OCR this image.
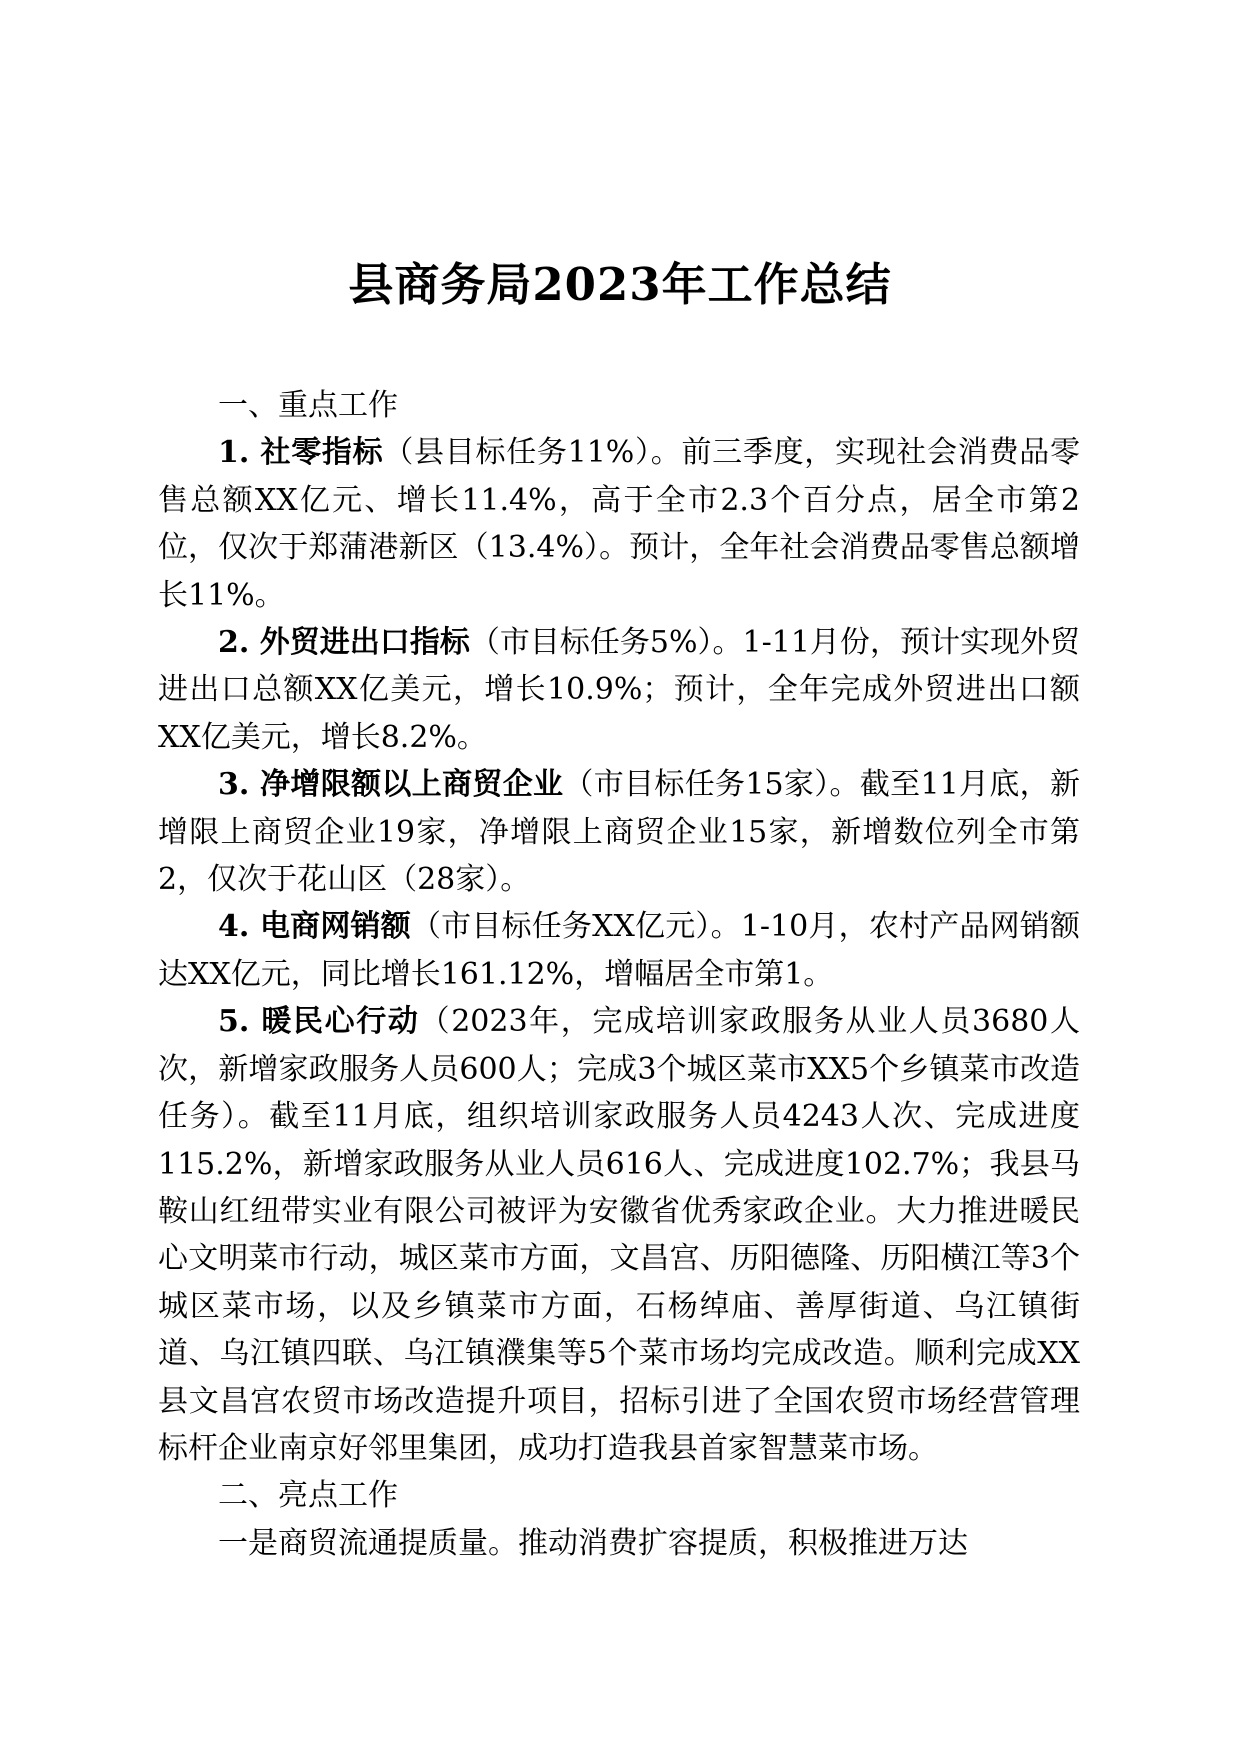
县商务局2023年工作总结

一、重点工作

1. 社零指标（县目标任务11%）。前三季度，实现社会消费品零售总额XX亿元、增长11.4%，高于全市2.3个百分点，居全市第2位，仅次于郑蒲港新区（13.4%）。预计，全年社会消费品零售总额增长11%。

2. 外贸进出口指标（市目标任务5%）。1-11月份，预计实现外贸进出口总额XX亿美元，增长10.9%；预计，全年完成外贸进出口额XX亿美元，增长8.2%。

3. 净增限额以上商贸企业（市目标任务15家）。截至11月底，新增限上商贸企业19家，净增限上商贸企业15家，新增数位列全市第2，仅次于花山区（28家）。

4. 电商网销额（市目标任务XX亿元）。1-10月，农村产品网销额达XX亿元，同比增长161.12%，增幅居全市第1。

5. 暖民心行动（2023年，完成培训家政服务从业人员3680人次，新增家政服务人员600人；完成3个城区菜市XX5个乡镇菜市改造任务）。截至11月底，组织培训家政服务人员4243人次、完成进度115.2%，新增家政服务从业人员616人、完成进度102.7%；我县马鞍山红纽带实业有限公司被评为安徽省优秀家政企业。大力推进暖民心文明菜市行动，城区菜市方面，文昌宫、历阳德隆、历阳横江等3个城区菜市场，以及乡镇菜市方面，石杨绰庙、善厚街道、乌江镇街道、乌江镇四联、乌江镇濮集等5个菜市场均完成改造。顺利完成XX县文昌宫农贸市场改造提升项目，招标引进了全国农贸市场经营管理标杆企业南京好邻里集团，成功打造我县首家智慧菜市场。

二、亮点工作

一是商贸流通提质量。推动消费扩容提质，积极推进万达
